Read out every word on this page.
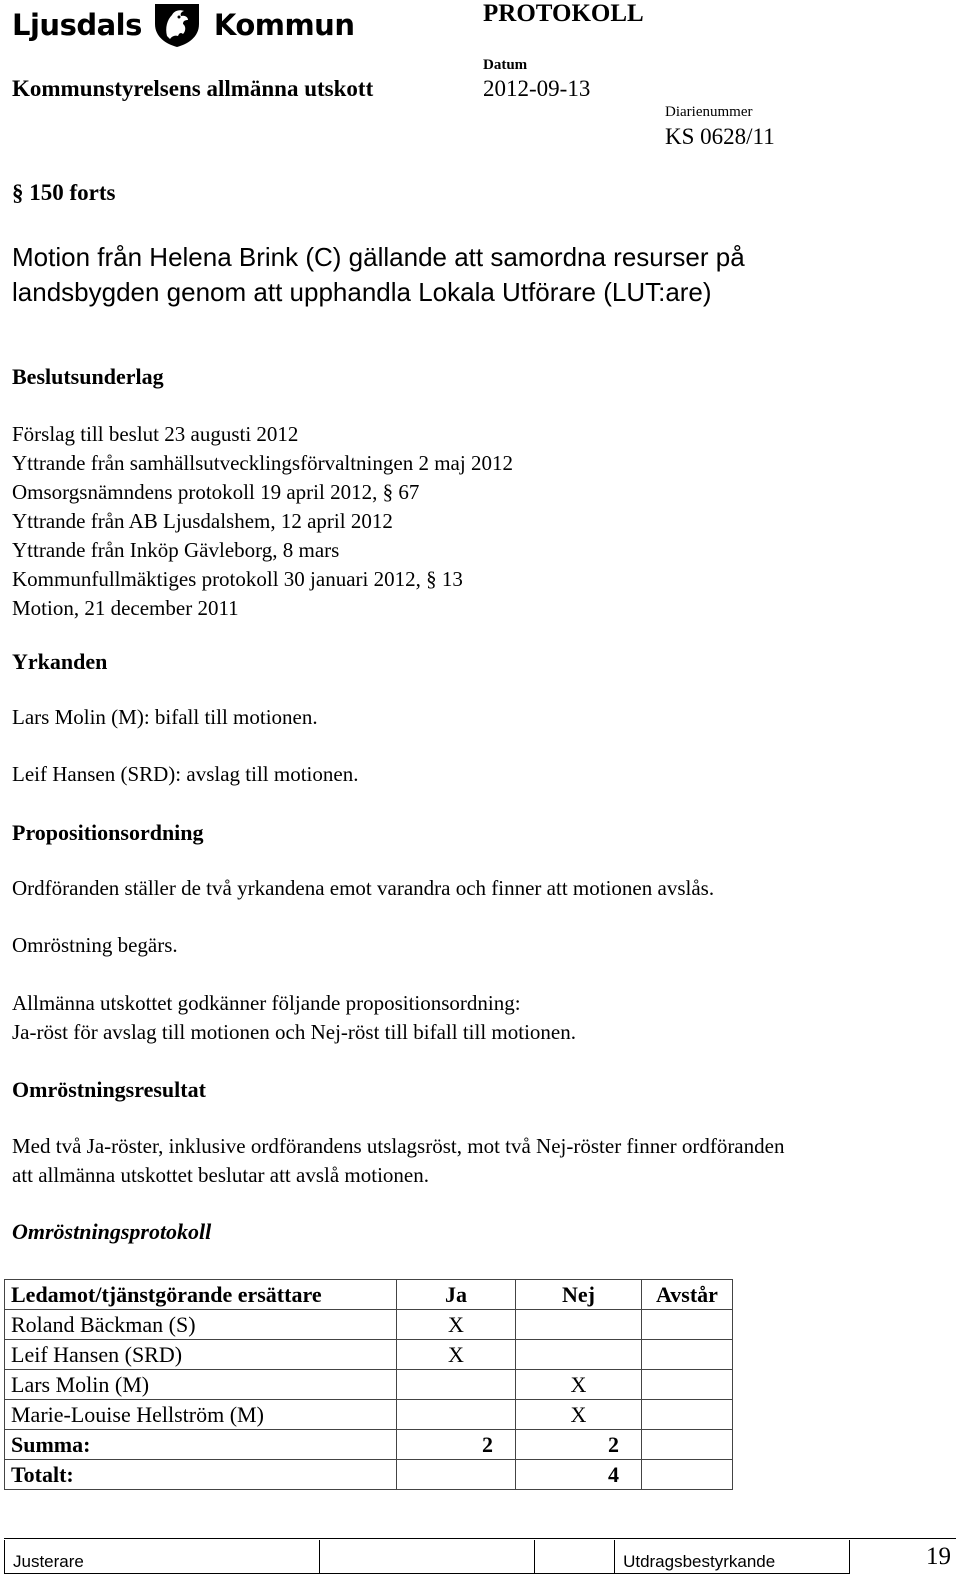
Ljusdals Kommun	PROTOKOLL
Kommunstyrelsens allmänna utskott
Datum
2012-09-13
Diarienummer
KS 0628/11
§ 150 forts
Motion från Helena Brink (C) gällande att samordna resurser på
landsbygden genom att upphandla Lokala Utförare (LUT:are)
Beslutsunderlag
Förslag till beslut 23 augusti 2012
Yttrande från samhällsutvecklingsförvaltningen 2 maj 2012
Omsorgsnämndens protokoll 19 april 2012, § 67
Yttrande från AB Ljusdalshem, 12 april 2012
Yttrande från Inköp Gävleborg, 8 mars
Kommunfullmäktiges protokoll 30 januari 2012, § 13
Motion, 21 december 2011
Yrkanden
Lars Molin (M): bifall till motionen.
Leif Hansen (SRD): avslag till motionen.
Propositionsordning
Ordföranden ställer de två yrkandena emot varandra och finner att motionen avslås.
Omröstning begärs.
Allmänna utskottet godkänner följande propositionsordning:
Ja-röst för avslag till motionen och Nej-röst till bifall till motionen.
Omröstningsresultat
Med två Ja-röster, inklusive ordförandens utslagsröst, mot två Nej-röster finner ordföranden
att allmänna utskottet beslutar att avslå motionen.
Omröstningsprotokoll
Ledamot/tjänstgörande ersättare	Ja	Nej	Avstår
Roland Bäckman (S)	X		
Leif Hansen (SRD)	X		
Lars Molin (M)		X	
Marie-Louise Hellström (M)		X	
Summa:	2	2	
Totalt:		4	
Justerare	Utdragsbestyrkande	19
